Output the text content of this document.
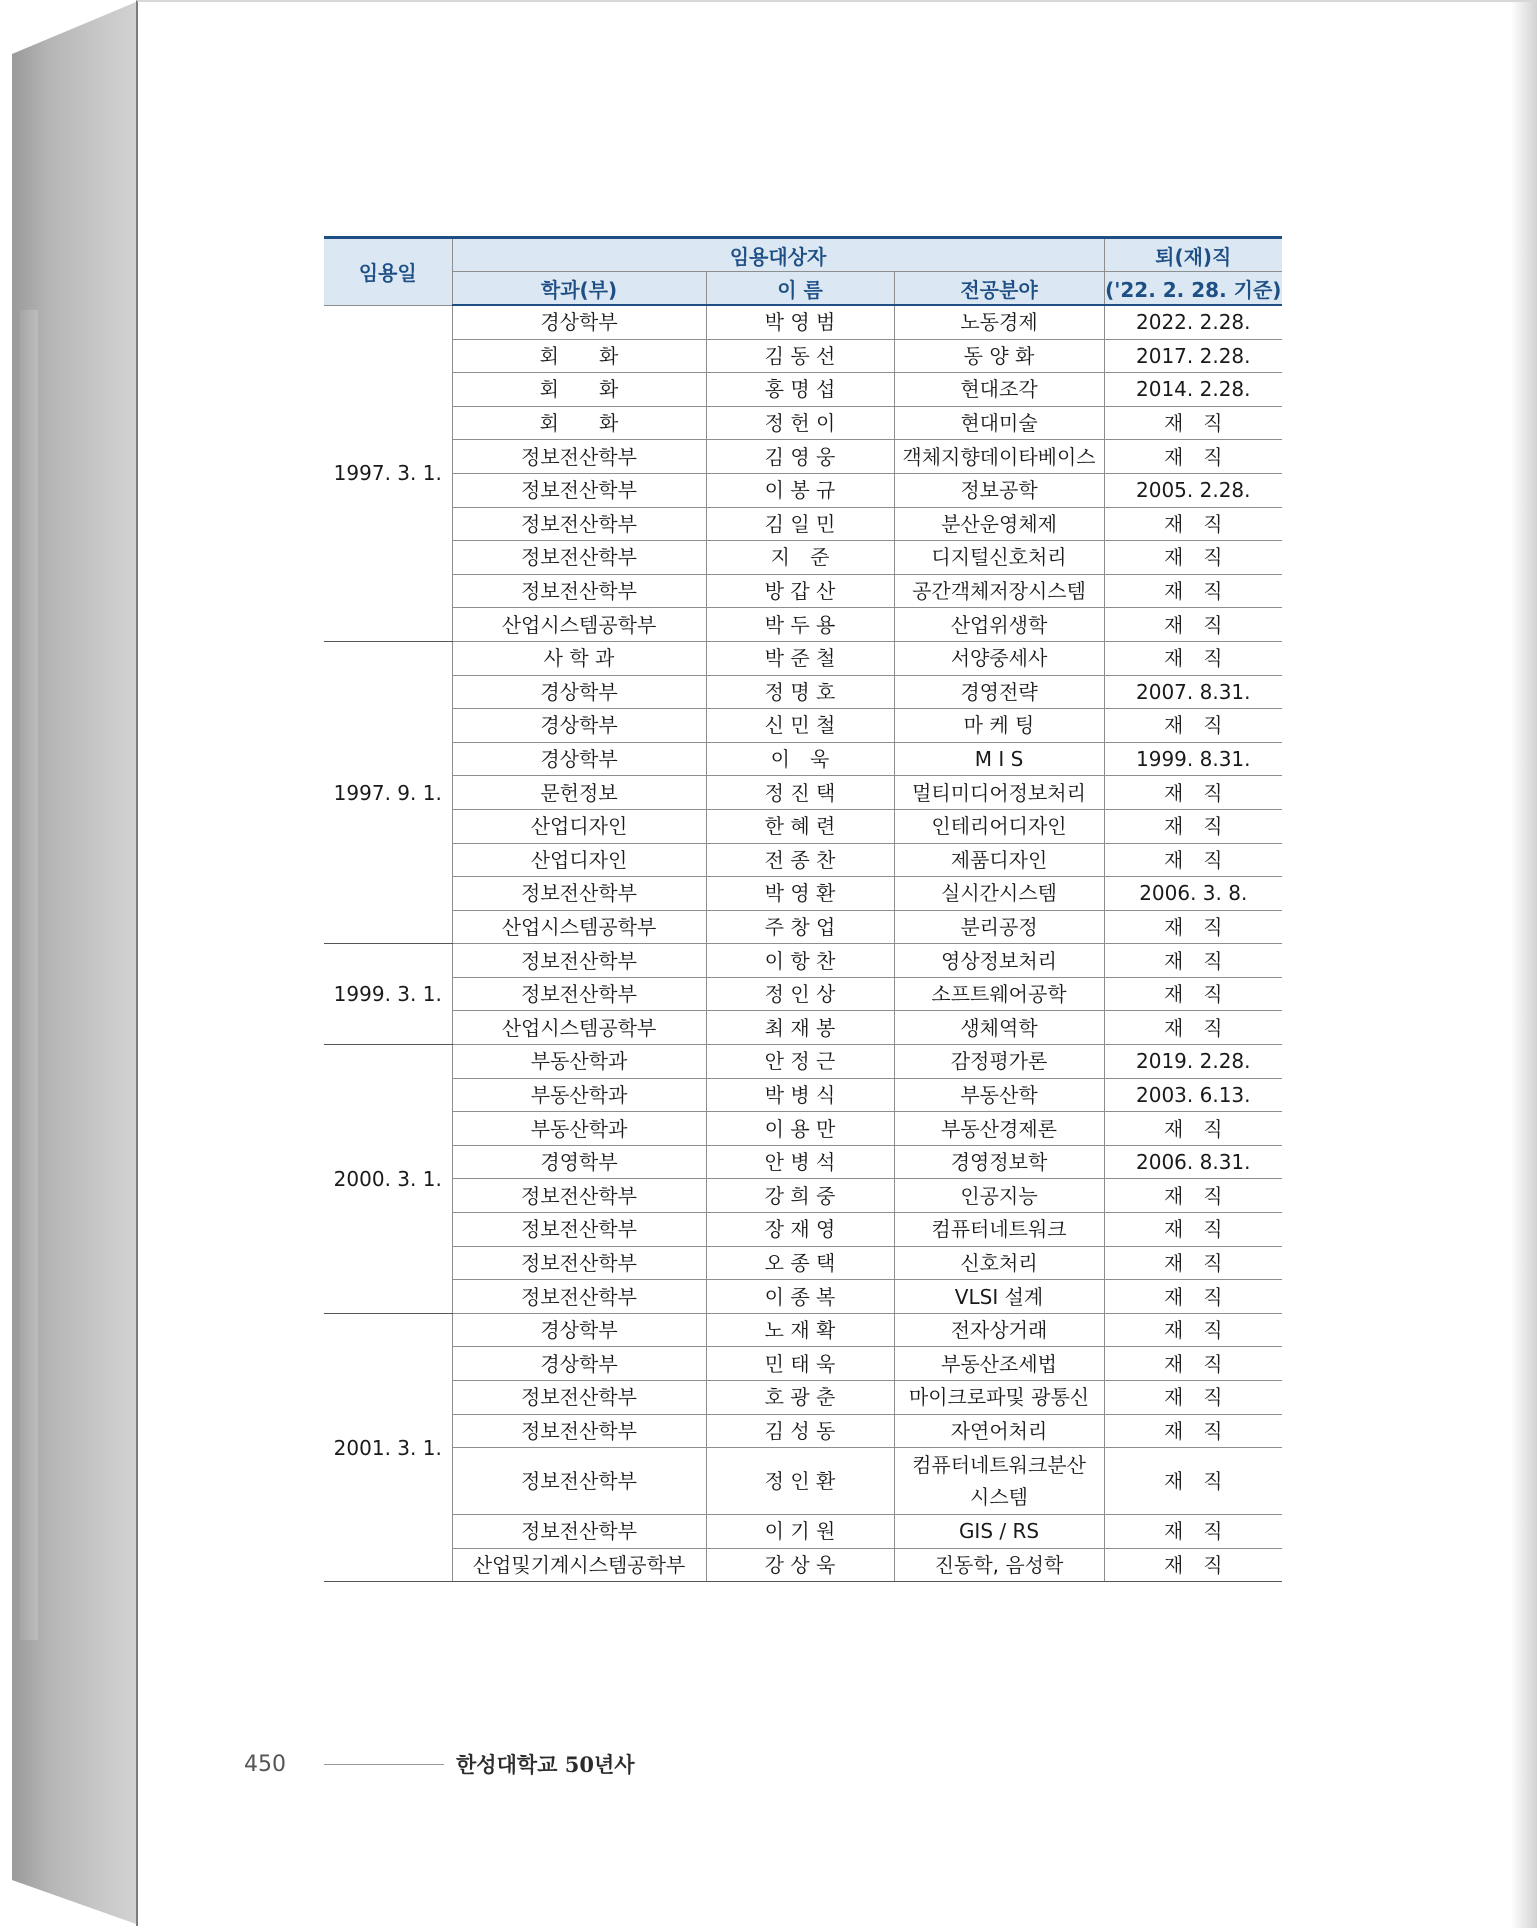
임용일	임용대상자			퇴(재)직
	학과(부)	이 름	전공분야	('22. 2. 28. 기준)
1997. 3. 1.	경상학부	박 영 범	노동경제	2022. 2.28.
	회　　화	김 동 선	동 양 화	2017. 2.28.
	회　　화	홍 명 섭	현대조각	2014. 2.28.
	회　　화	정 헌 이	현대미술	재　직
	정보전산학부	김 영 웅	객체지향데이타베이스	재　직
	정보전산학부	이 봉 규	정보공학	2005. 2.28.
	정보전산학부	김 일 민	분산운영체제	재　직
	정보전산학부	지　준	디지털신호처리	재　직
	정보전산학부	방 갑 산	공간객체저장시스템	재　직
	산업시스템공학부	박 두 용	산업위생학	재　직
1997. 9. 1.	사 학 과	박 준 철	서양중세사	재　직
	경상학부	정 명 호	경영전략	2007. 8.31.
	경상학부	신 민 철	마 케 팅	재　직
	경상학부	이　욱	M I S	1999. 8.31.
	문헌정보	정 진 택	멀티미디어정보처리	재　직
	산업디자인	한 혜 련	인테리어디자인	재　직
	산업디자인	전 종 찬	제품디자인	재　직
	정보전산학부	박 영 환	실시간시스템	2006. 3. 8.
	산업시스템공학부	주 창 업	분리공정	재　직
1999. 3. 1.	정보전산학부	이 항 찬	영상정보처리	재　직
	정보전산학부	정 인 상	소프트웨어공학	재　직
	산업시스템공학부	최 재 봉	생체역학	재　직
2000. 3. 1.	부동산학과	안 정 근	감정평가론	2019. 2.28.
	부동산학과	박 병 식	부동산학	2003. 6.13.
	부동산학과	이 용 만	부동산경제론	재　직
	경영학부	안 병 석	경영정보학	2006. 8.31.
	정보전산학부	강 희 중	인공지능	재　직
	정보전산학부	장 재 영	컴퓨터네트워크	재　직
	정보전산학부	오 종 택	신호처리	재　직
	정보전산학부	이 종 복	VLSI 설계	재　직
2001. 3. 1.	경상학부	노 재 확	전자상거래	재　직
	경상학부	민 태 욱	부동산조세법	재　직
	정보전산학부	호 광 춘	마이크로파및 광통신	재　직
	정보전산학부	김 성 동	자연어처리	재　직
	정보전산학부	정 인 환	컴퓨터네트워크분산
시스템	재　직
	정보전산학부	이 기 원	GIS / RS	재　직
	산업및기계시스템공학부	강 상 욱	진동학, 음성학	재　직
450	한성대학교 50년사
